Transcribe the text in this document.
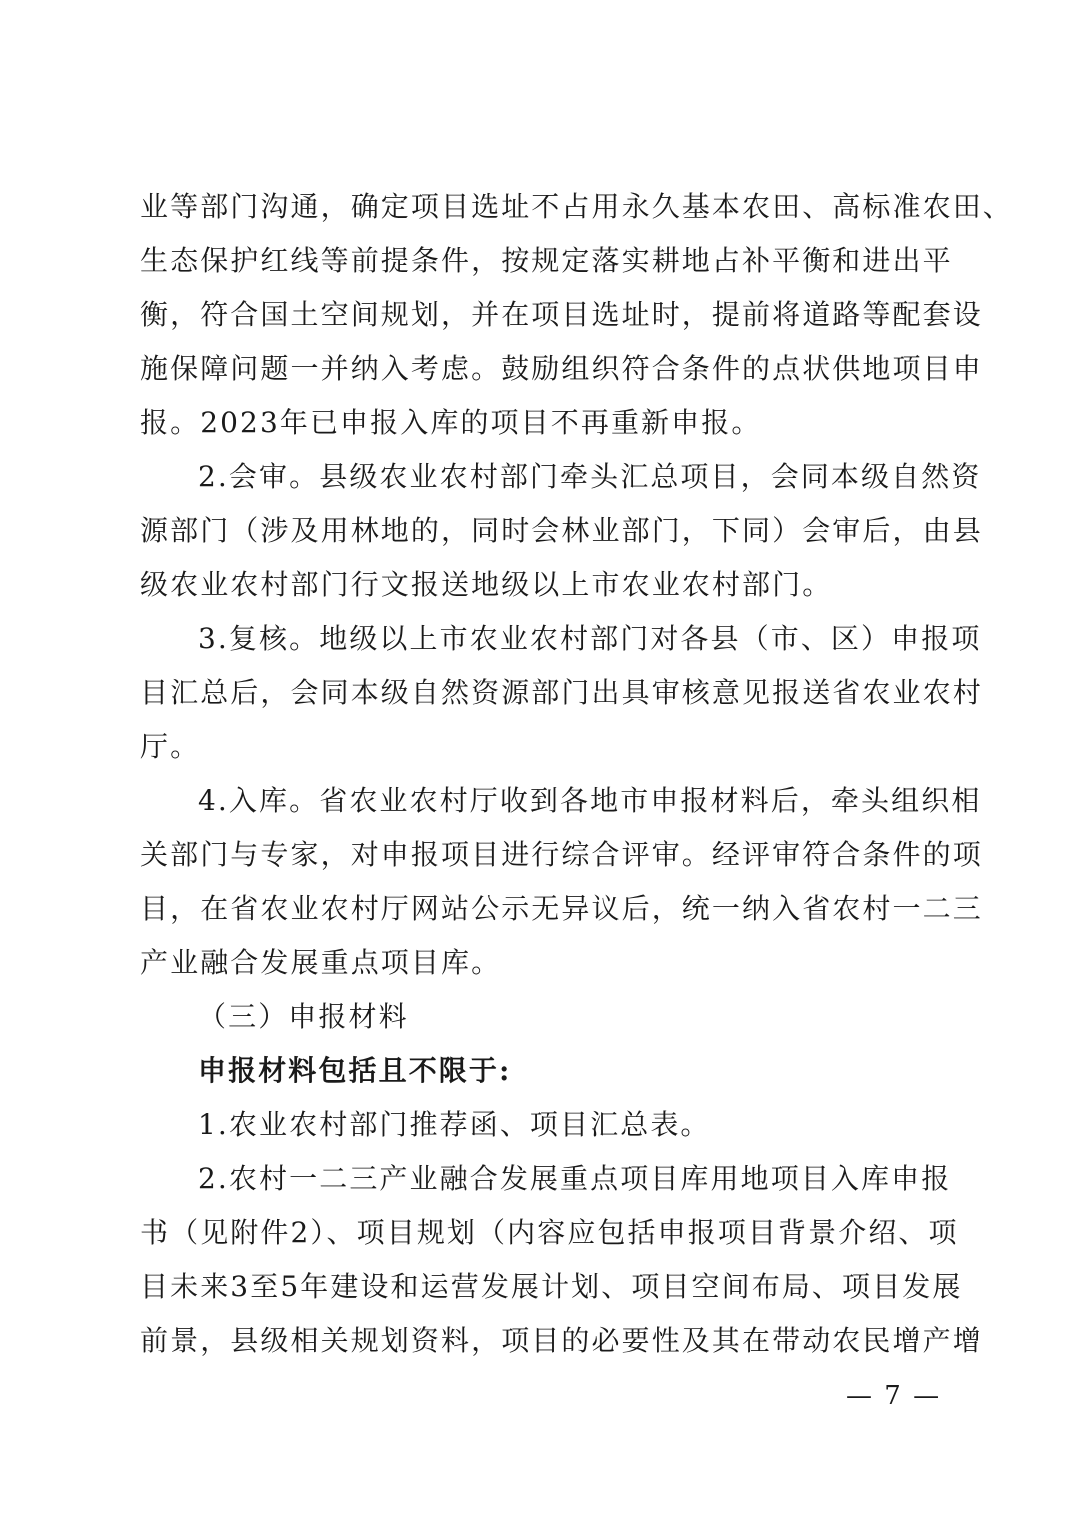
业等部门沟通，确定项目选址不占用永久基本农田、高标准农田、
生态保护红线等前提条件，按规定落实耕地占补平衡和进出平
衡，符合国土空间规划，并在项目选址时，提前将道路等配套设
施保障问题一并纳入考虑。鼓励组织符合条件的点状供地项目申
报。2023年已申报入库的项目不再重新申报。
2.会审。县级农业农村部门牵头汇总项目，会同本级自然资
源部门（涉及用林地的，同时会林业部门，下同）会审后，由县
级农业农村部门行文报送地级以上市农业农村部门。
3.复核。地级以上市农业农村部门对各县（市、区）申报项
目汇总后，会同本级自然资源部门出具审核意见报送省农业农村
厅。
4.入库。省农业农村厅收到各地市申报材料后，牵头组织相
关部门与专家，对申报项目进行综合评审。经评审符合条件的项
目，在省农业农村厅网站公示无异议后，统一纳入省农村一二三
产业融合发展重点项目库。
（三）申报材料
申报材料包括且不限于:
1.农业农村部门推荐函、项目汇总表。
2.农村一二三产业融合发展重点项目库用地项目入库申报
书（见附件2）、项目规划（内容应包括申报项目背景介绍、项
目未来3至5年建设和运营发展计划、项目空间布局、项目发展
前景，县级相关规划资料，项目的必要性及其在带动农民增产增
— 7 —
